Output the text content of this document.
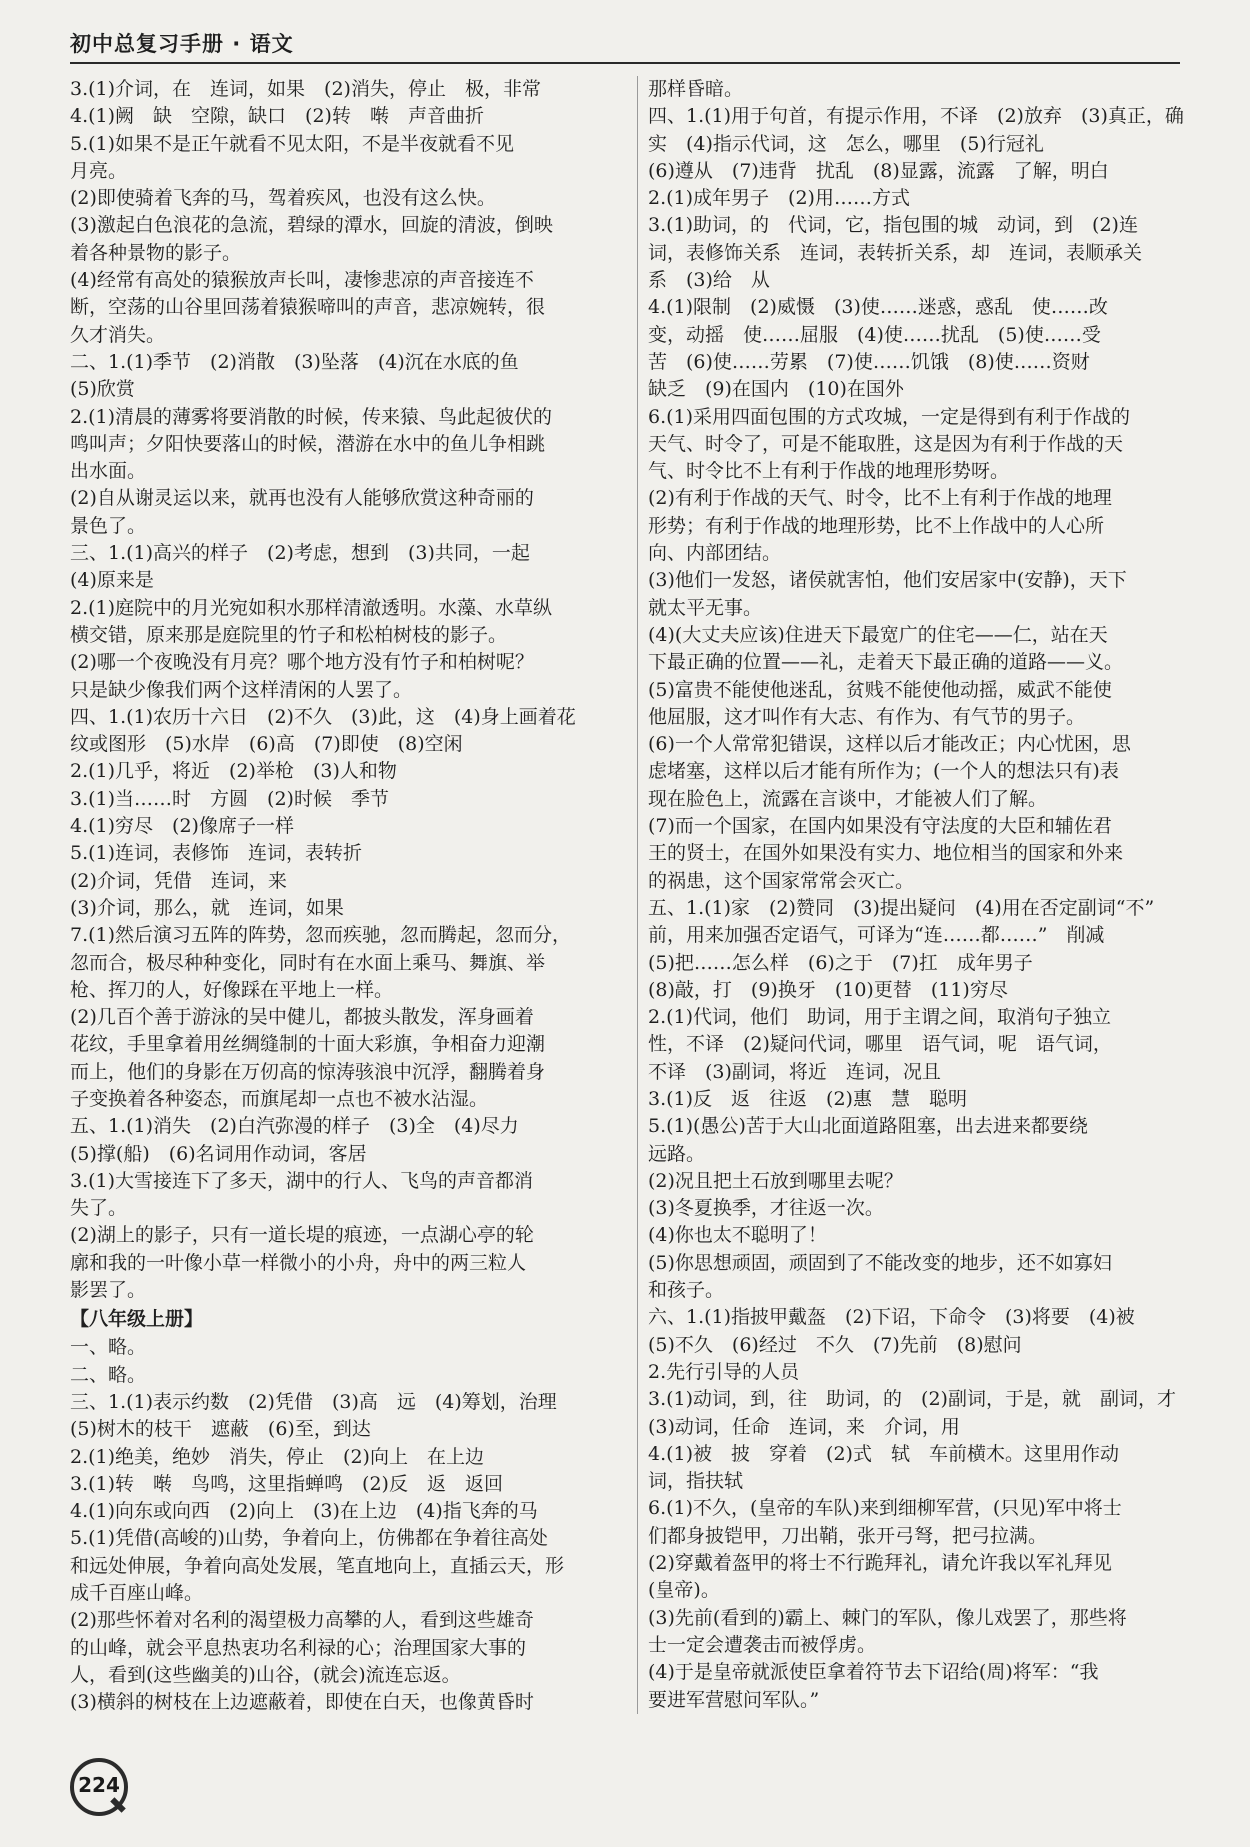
初中总复习手册 · 语文
3.(1)介词，在　连词，如果　(2)消失，停止　极，非常
4.(1)阙　缺　空隙，缺口　(2)转　啭　声音曲折
5.(1)如果不是正午就看不见太阳，不是半夜就看不见
月亮。
(2)即使骑着飞奔的马，驾着疾风，也没有这么快。
(3)激起白色浪花的急流，碧绿的潭水，回旋的清波，倒映
着各种景物的影子。
(4)经常有高处的猿猴放声长叫，凄惨悲凉的声音接连不
断，空荡的山谷里回荡着猿猴啼叫的声音，悲凉婉转，很
久才消失。
二、1.(1)季节　(2)消散　(3)坠落　(4)沉在水底的鱼
(5)欣赏
2.(1)清晨的薄雾将要消散的时候，传来猿、鸟此起彼伏的
鸣叫声；夕阳快要落山的时候，潜游在水中的鱼儿争相跳
出水面。
(2)自从谢灵运以来，就再也没有人能够欣赏这种奇丽的
景色了。
三、1.(1)高兴的样子　(2)考虑，想到　(3)共同，一起
(4)原来是
2.(1)庭院中的月光宛如积水那样清澈透明。水藻、水草纵
横交错，原来那是庭院里的竹子和松柏树枝的影子。
(2)哪一个夜晚没有月亮？哪个地方没有竹子和柏树呢？
只是缺少像我们两个这样清闲的人罢了。
四、1.(1)农历十六日　(2)不久　(3)此，这　(4)身上画着花
纹或图形　(5)水岸　(6)高　(7)即使　(8)空闲
2.(1)几乎，将近　(2)举枪　(3)人和物
3.(1)当……时　方圆　(2)时候　季节
4.(1)穷尽　(2)像席子一样
5.(1)连词，表修饰　连词，表转折
(2)介词，凭借　连词，来
(3)介词，那么，就　连词，如果
7.(1)然后演习五阵的阵势，忽而疾驰，忽而腾起，忽而分，
忽而合，极尽种种变化，同时有在水面上乘马、舞旗、举
枪、挥刀的人，好像踩在平地上一样。
(2)几百个善于游泳的吴中健儿，都披头散发，浑身画着
花纹，手里拿着用丝绸缝制的十面大彩旗，争相奋力迎潮
而上，他们的身影在万仞高的惊涛骇浪中沉浮，翻腾着身
子变换着各种姿态，而旗尾却一点也不被水沾湿。
五、1.(1)消失　(2)白汽弥漫的样子　(3)全　(4)尽力
(5)撑(船)　(6)名词用作动词，客居
3.(1)大雪接连下了多天，湖中的行人、飞鸟的声音都消
失了。
(2)湖上的影子，只有一道长堤的痕迹，一点湖心亭的轮
廓和我的一叶像小草一样微小的小舟，舟中的两三粒人
影罢了。
【八年级上册】
一、略。
二、略。
三、1.(1)表示约数　(2)凭借　(3)高　远　(4)筹划，治理
(5)树木的枝干　遮蔽　(6)至，到达
2.(1)绝美，绝妙　消失，停止　(2)向上　在上边
3.(1)转　啭　鸟鸣，这里指蝉鸣　(2)反　返　返回
4.(1)向东或向西　(2)向上　(3)在上边　(4)指飞奔的马
5.(1)凭借(高峻的)山势，争着向上，仿佛都在争着往高处
和远处伸展，争着向高处发展，笔直地向上，直插云天，形
成千百座山峰。
(2)那些怀着对名利的渴望极力高攀的人，看到这些雄奇
的山峰，就会平息热衷功名利禄的心；治理国家大事的
人，看到(这些幽美的)山谷，(就会)流连忘返。
(3)横斜的树枝在上边遮蔽着，即使在白天，也像黄昏时
那样昏暗。
四、1.(1)用于句首，有提示作用，不译　(2)放弃　(3)真正，确
实　(4)指示代词，这　怎么，哪里　(5)行冠礼
(6)遵从　(7)违背　扰乱　(8)显露，流露　了解，明白
2.(1)成年男子　(2)用……方式
3.(1)助词，的　代词，它，指包围的城　动词，到　(2)连
词，表修饰关系　连词，表转折关系，却　连词，表顺承关
系　(3)给　从
4.(1)限制　(2)威慑　(3)使……迷惑，惑乱　使……改
变，动摇　使……屈服　(4)使……扰乱　(5)使……受
苦　(6)使……劳累　(7)使……饥饿　(8)使……资财
缺乏　(9)在国内　(10)在国外
6.(1)采用四面包围的方式攻城，一定是得到有利于作战的
天气、时令了，可是不能取胜，这是因为有利于作战的天
气、时令比不上有利于作战的地理形势呀。
(2)有利于作战的天气、时令，比不上有利于作战的地理
形势；有利于作战的地理形势，比不上作战中的人心所
向、内部团结。
(3)他们一发怒，诸侯就害怕，他们安居家中(安静)，天下
就太平无事。
(4)(大丈夫应该)住进天下最宽广的住宅——仁，站在天
下最正确的位置——礼，走着天下最正确的道路——义。
(5)富贵不能使他迷乱，贫贱不能使他动摇，威武不能使
他屈服，这才叫作有大志、有作为、有气节的男子。
(6)一个人常常犯错误，这样以后才能改正；内心忧困，思
虑堵塞，这样以后才能有所作为；(一个人的想法只有)表
现在脸色上，流露在言谈中，才能被人们了解。
(7)而一个国家，在国内如果没有守法度的大臣和辅佐君
王的贤士，在国外如果没有实力、地位相当的国家和外来
的祸患，这个国家常常会灭亡。
五、1.(1)家　(2)赞同　(3)提出疑问　(4)用在否定副词“不”
前，用来加强否定语气，可译为“连……都……”　削减
(5)把……怎么样　(6)之于　(7)扛　成年男子
(8)敲，打　(9)换牙　(10)更替　(11)穷尽
2.(1)代词，他们　助词，用于主谓之间，取消句子独立
性，不译　(2)疑问代词，哪里　语气词，呢　语气词，
不译　(3)副词，将近　连词，况且
3.(1)反　返　往返　(2)惠　慧　聪明
5.(1)(愚公)苦于大山北面道路阻塞，出去进来都要绕
远路。
(2)况且把土石放到哪里去呢？
(3)冬夏换季，才往返一次。
(4)你也太不聪明了！
(5)你思想顽固，顽固到了不能改变的地步，还不如寡妇
和孩子。
六、1.(1)指披甲戴盔　(2)下诏，下命令　(3)将要　(4)被
(5)不久　(6)经过　不久　(7)先前　(8)慰问
2.先行引导的人员
3.(1)动词，到，往　助词，的　(2)副词，于是，就　副词，才
(3)动词，任命　连词，来　介词，用
4.(1)被　披　穿着　(2)式　轼　车前横木。这里用作动
词，指扶轼
6.(1)不久，(皇帝的车队)来到细柳军营，(只见)军中将士
们都身披铠甲，刀出鞘，张开弓弩，把弓拉满。
(2)穿戴着盔甲的将士不行跪拜礼，请允许我以军礼拜见
(皇帝)。
(3)先前(看到的)霸上、棘门的军队，像儿戏罢了，那些将
士一定会遭袭击而被俘虏。
(4)于是皇帝就派使臣拿着符节去下诏给(周)将军：“我
要进军营慰问军队。”
224
